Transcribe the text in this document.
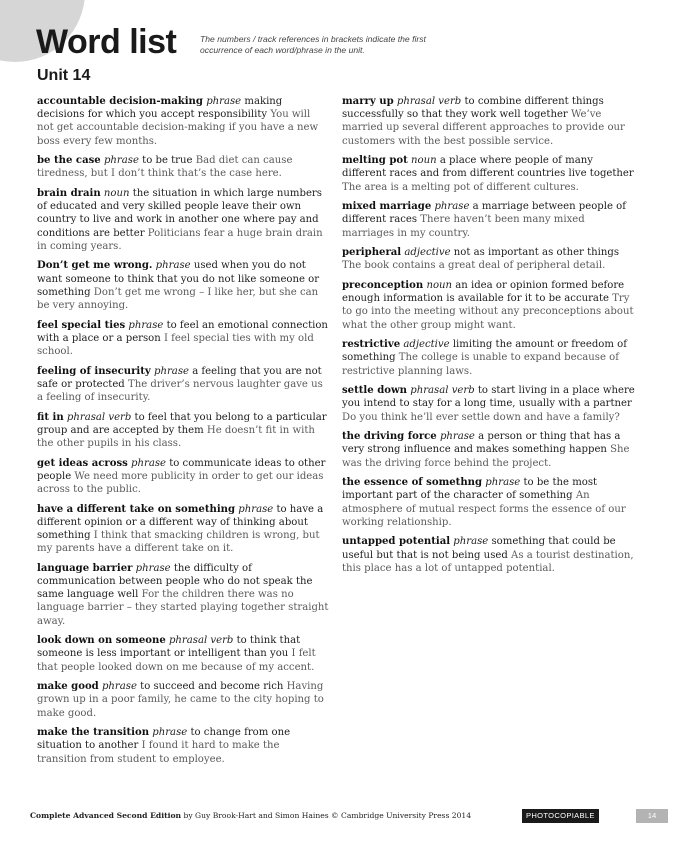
Word list	The numbers / track references in brackets indicate the first occurrence of each word/phrase in the unit.
Unit 14

accountable decision-making phrase making decisions for which you accept responsibility You will not get accountable decision-making if you have a new boss every few months.

be the case phrase to be true Bad diet can cause tiredness, but I don’t think that’s the case here.

brain drain noun the situation in which large numbers of educated and very skilled people leave their own country to live and work in another one where pay and conditions are better Politicians fear a huge brain drain in coming years.

Don’t get me wrong. phrase used when you do not want someone to think that you do not like someone or something Don’t get me wrong – I like her, but she can be very annoying.

feel special ties phrase to feel an emotional connection with a place or a person I feel special ties with my old school.

feeling of insecurity phrase a feeling that you are not safe or protected The driver’s nervous laughter gave us a feeling of insecurity.

fit in phrasal verb to feel that you belong to a particular group and are accepted by them He doesn’t fit in with the other pupils in his class.

get ideas across phrase to communicate ideas to other people We need more publicity in order to get our ideas across to the public.

have a different take on something phrase to have a different opinion or a different way of thinking about something I think that smacking children is wrong, but my parents have a different take on it.

language barrier phrase the difficulty of communication between people who do not speak the same language well For the children there was no language barrier – they started playing together straight away.

look down on someone phrasal verb to think that someone is less important or intelligent than you I felt that people looked down on me because of my accent.

make good phrase to succeed and become rich Having grown up in a poor family, he came to the city hoping to make good.

make the transition phrase to change from one situation to another I found it hard to make the transition from student to employee.

marry up phrasal verb to combine different things successfully so that they work well together We’ve married up several different approaches to provide our customers with the best possible service.

melting pot noun a place where people of many different races and from different countries live together The area is a melting pot of different cultures.

mixed marriage phrase a marriage between people of different races There haven’t been many mixed marriages in my country.

peripheral adjective not as important as other things The book contains a great deal of peripheral detail.

preconception noun an idea or opinion formed before enough information is available for it to be accurate Try to go into the meeting without any preconceptions about what the other group might want.

restrictive adjective limiting the amount or freedom of something The college is unable to expand because of restrictive planning laws.

settle down phrasal verb to start living in a place where you intend to stay for a long time, usually with a partner Do you think he’ll ever settle down and have a family?

the driving force phrase a person or thing that has a very strong influence and makes something happen She was the driving force behind the project.

the essence of somethng phrase to be the most important part of the character of something An atmosphere of mutual respect forms the essence of our working relationship.

untapped potential phrase something that could be useful but that is not being used As a tourist destination, this place has a lot of untapped potential.

Complete Advanced Second Edition by Guy Brook-Hart and Simon Haines © Cambridge University Press 2014	PHOTOCOPIABLE	14
